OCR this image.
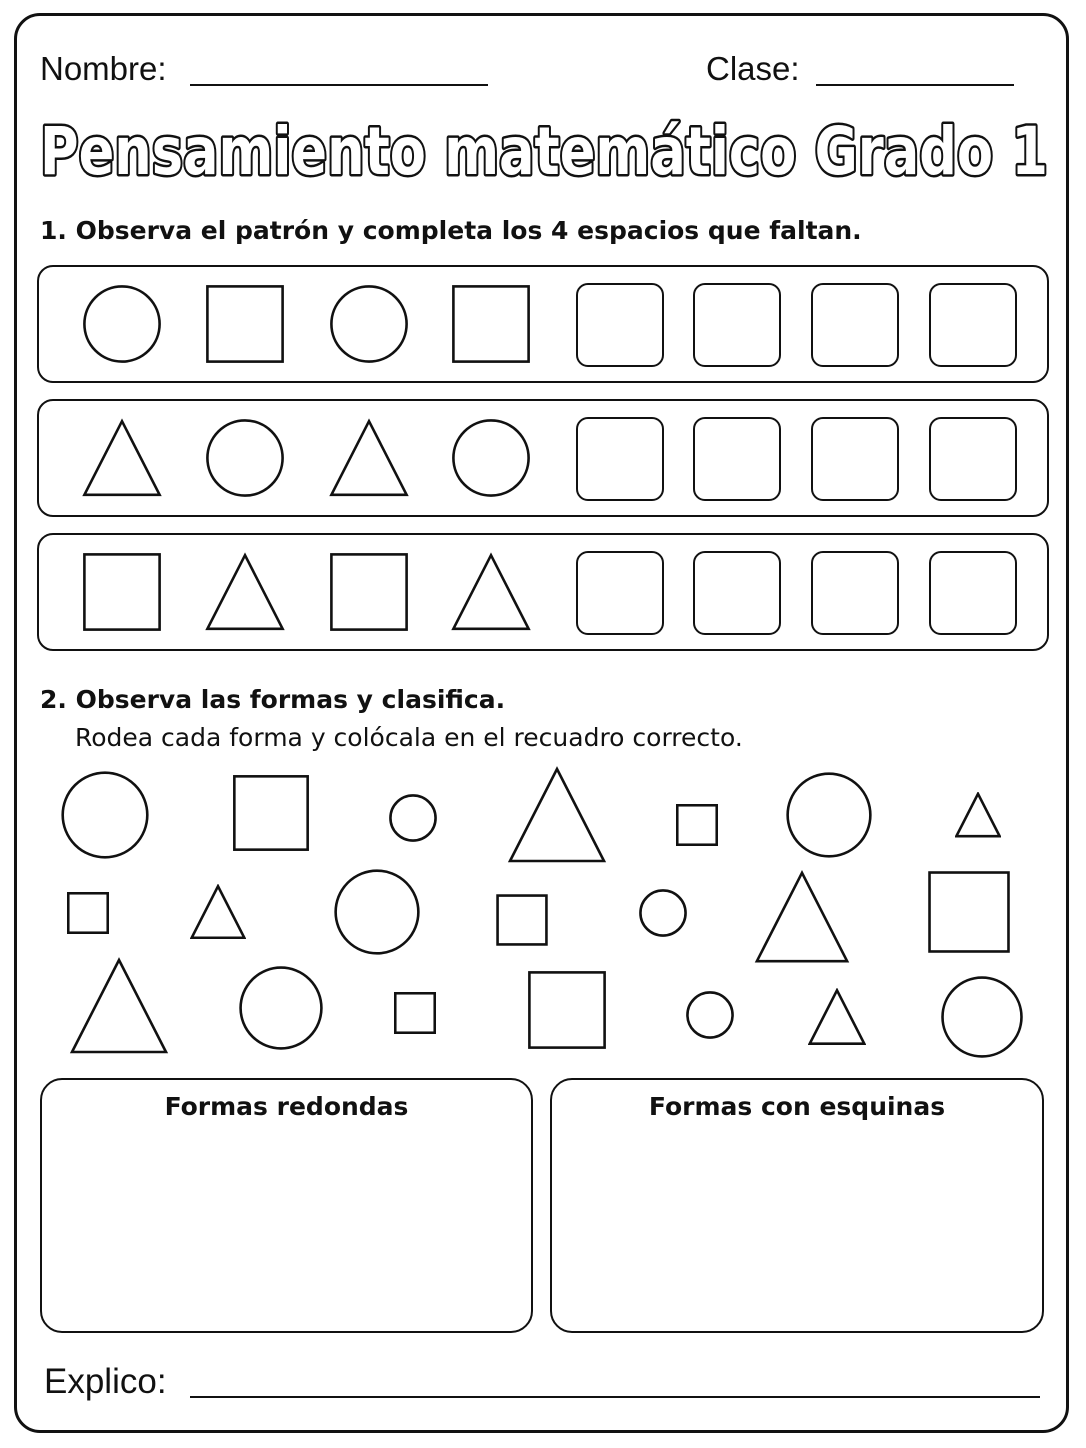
Nombre:	Clase:
Pensamiento matemático Grado 1
1. Observa el patrón y completa los 4 espacios que faltan.
2. Observa las formas y clasifica.
Rodea cada forma y colócala en el recuadro correcto.
Formas redondas	Formas con esquinas
Explico:
